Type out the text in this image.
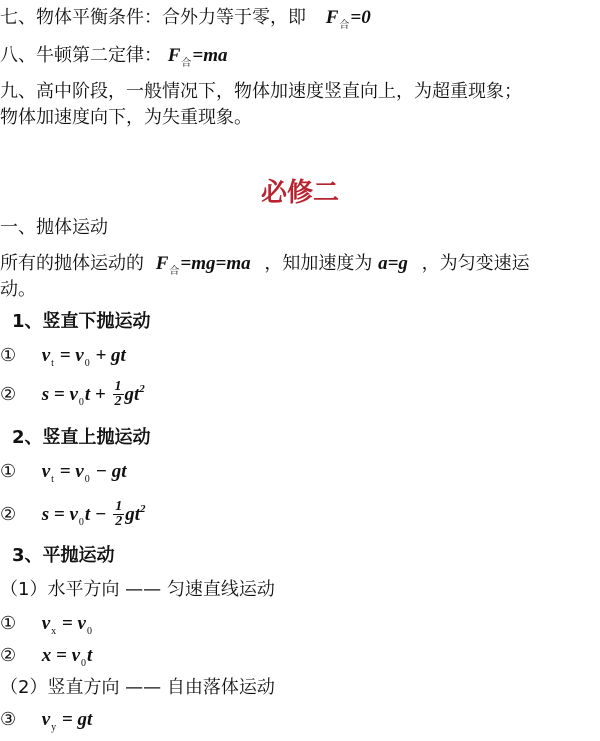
七、物体平衡条件：合外力等于零，即 $F_合=0$
八、牛顿第二定律： $F_合=ma$
九、高中阶段，一般情况下，物体加速度竖直向上，为超重现象；
物体加速度向下，为失重现象。
必修二
一、抛体运动
所有的抛体运动的 $F_合=mg=ma$ ，知加速度为 a=g ，为匀变速运
动。
1、竖直下抛运动
① $v_t = v_0$ + gt
② $s = v_0t + \frac{1}{2} gt^2$
2、竖直上抛运动
① $v_t = v_0$ − gt
② $s = v_0t - \frac{1}{2} gt^2$
3、平抛运动
（1）水平方向 —— 匀速直线运动
① $v_x = v_0$
② $x = v_0t$
（2）竖直方向 —— 自由落体运动
③ $v_y$ = gt
